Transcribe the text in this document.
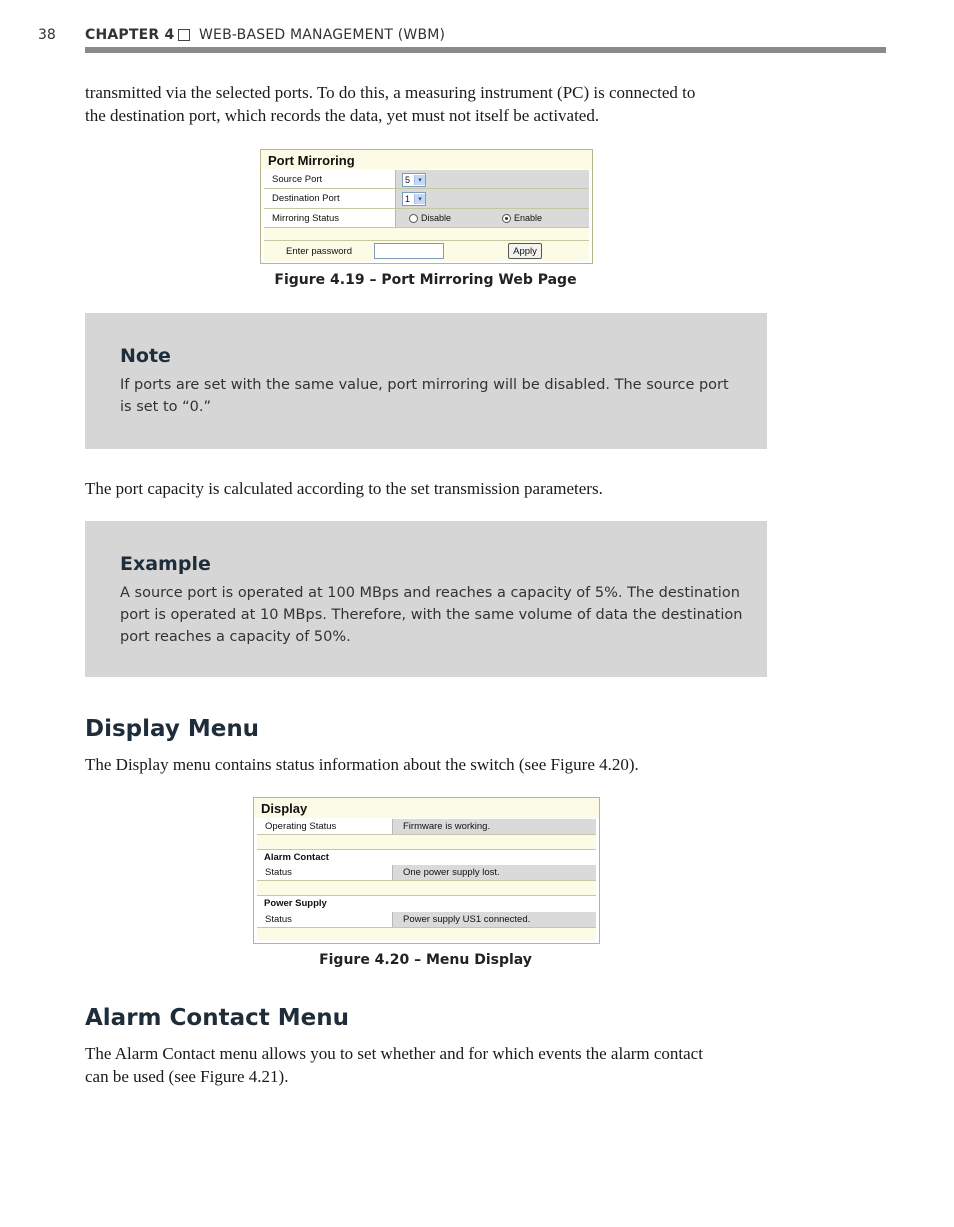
38 CHAPTER 4 WEB-BASED MANAGEMENT (WBM)
transmitted via the selected ports. To do this, a measuring instrument (PC) is connected to
the destination port, which records the data, yet must not itself be activated.
Port Mirroring
Source Port	5	▾
Destination Port	1	▾
Mirroring Status	Disable	Enable
Enter password	Apply
Figure 4.19 – Port Mirroring Web Page
Note
If ports are set with the same value, port mirroring will be disabled. The source port
is set to “0.”
The port capacity is calculated according to the set transmission parameters.
Example
A source port is operated at 100 MBps and reaches a capacity of 5%. The destination
port is operated at 10 MBps. Therefore, with the same volume of data the destination
port reaches a capacity of 50%.
Display Menu
The Display menu contains status information about the switch (see Figure 4.20).
Display
Operating Status	Firmware is working.
Alarm Contact
Status	One power supply lost.
Power Supply
Status	Power supply US1 connected.
Figure 4.20 – Menu Display
Alarm Contact Menu
The Alarm Contact menu allows you to set whether and for which events the alarm contact
can be used (see Figure 4.21).
